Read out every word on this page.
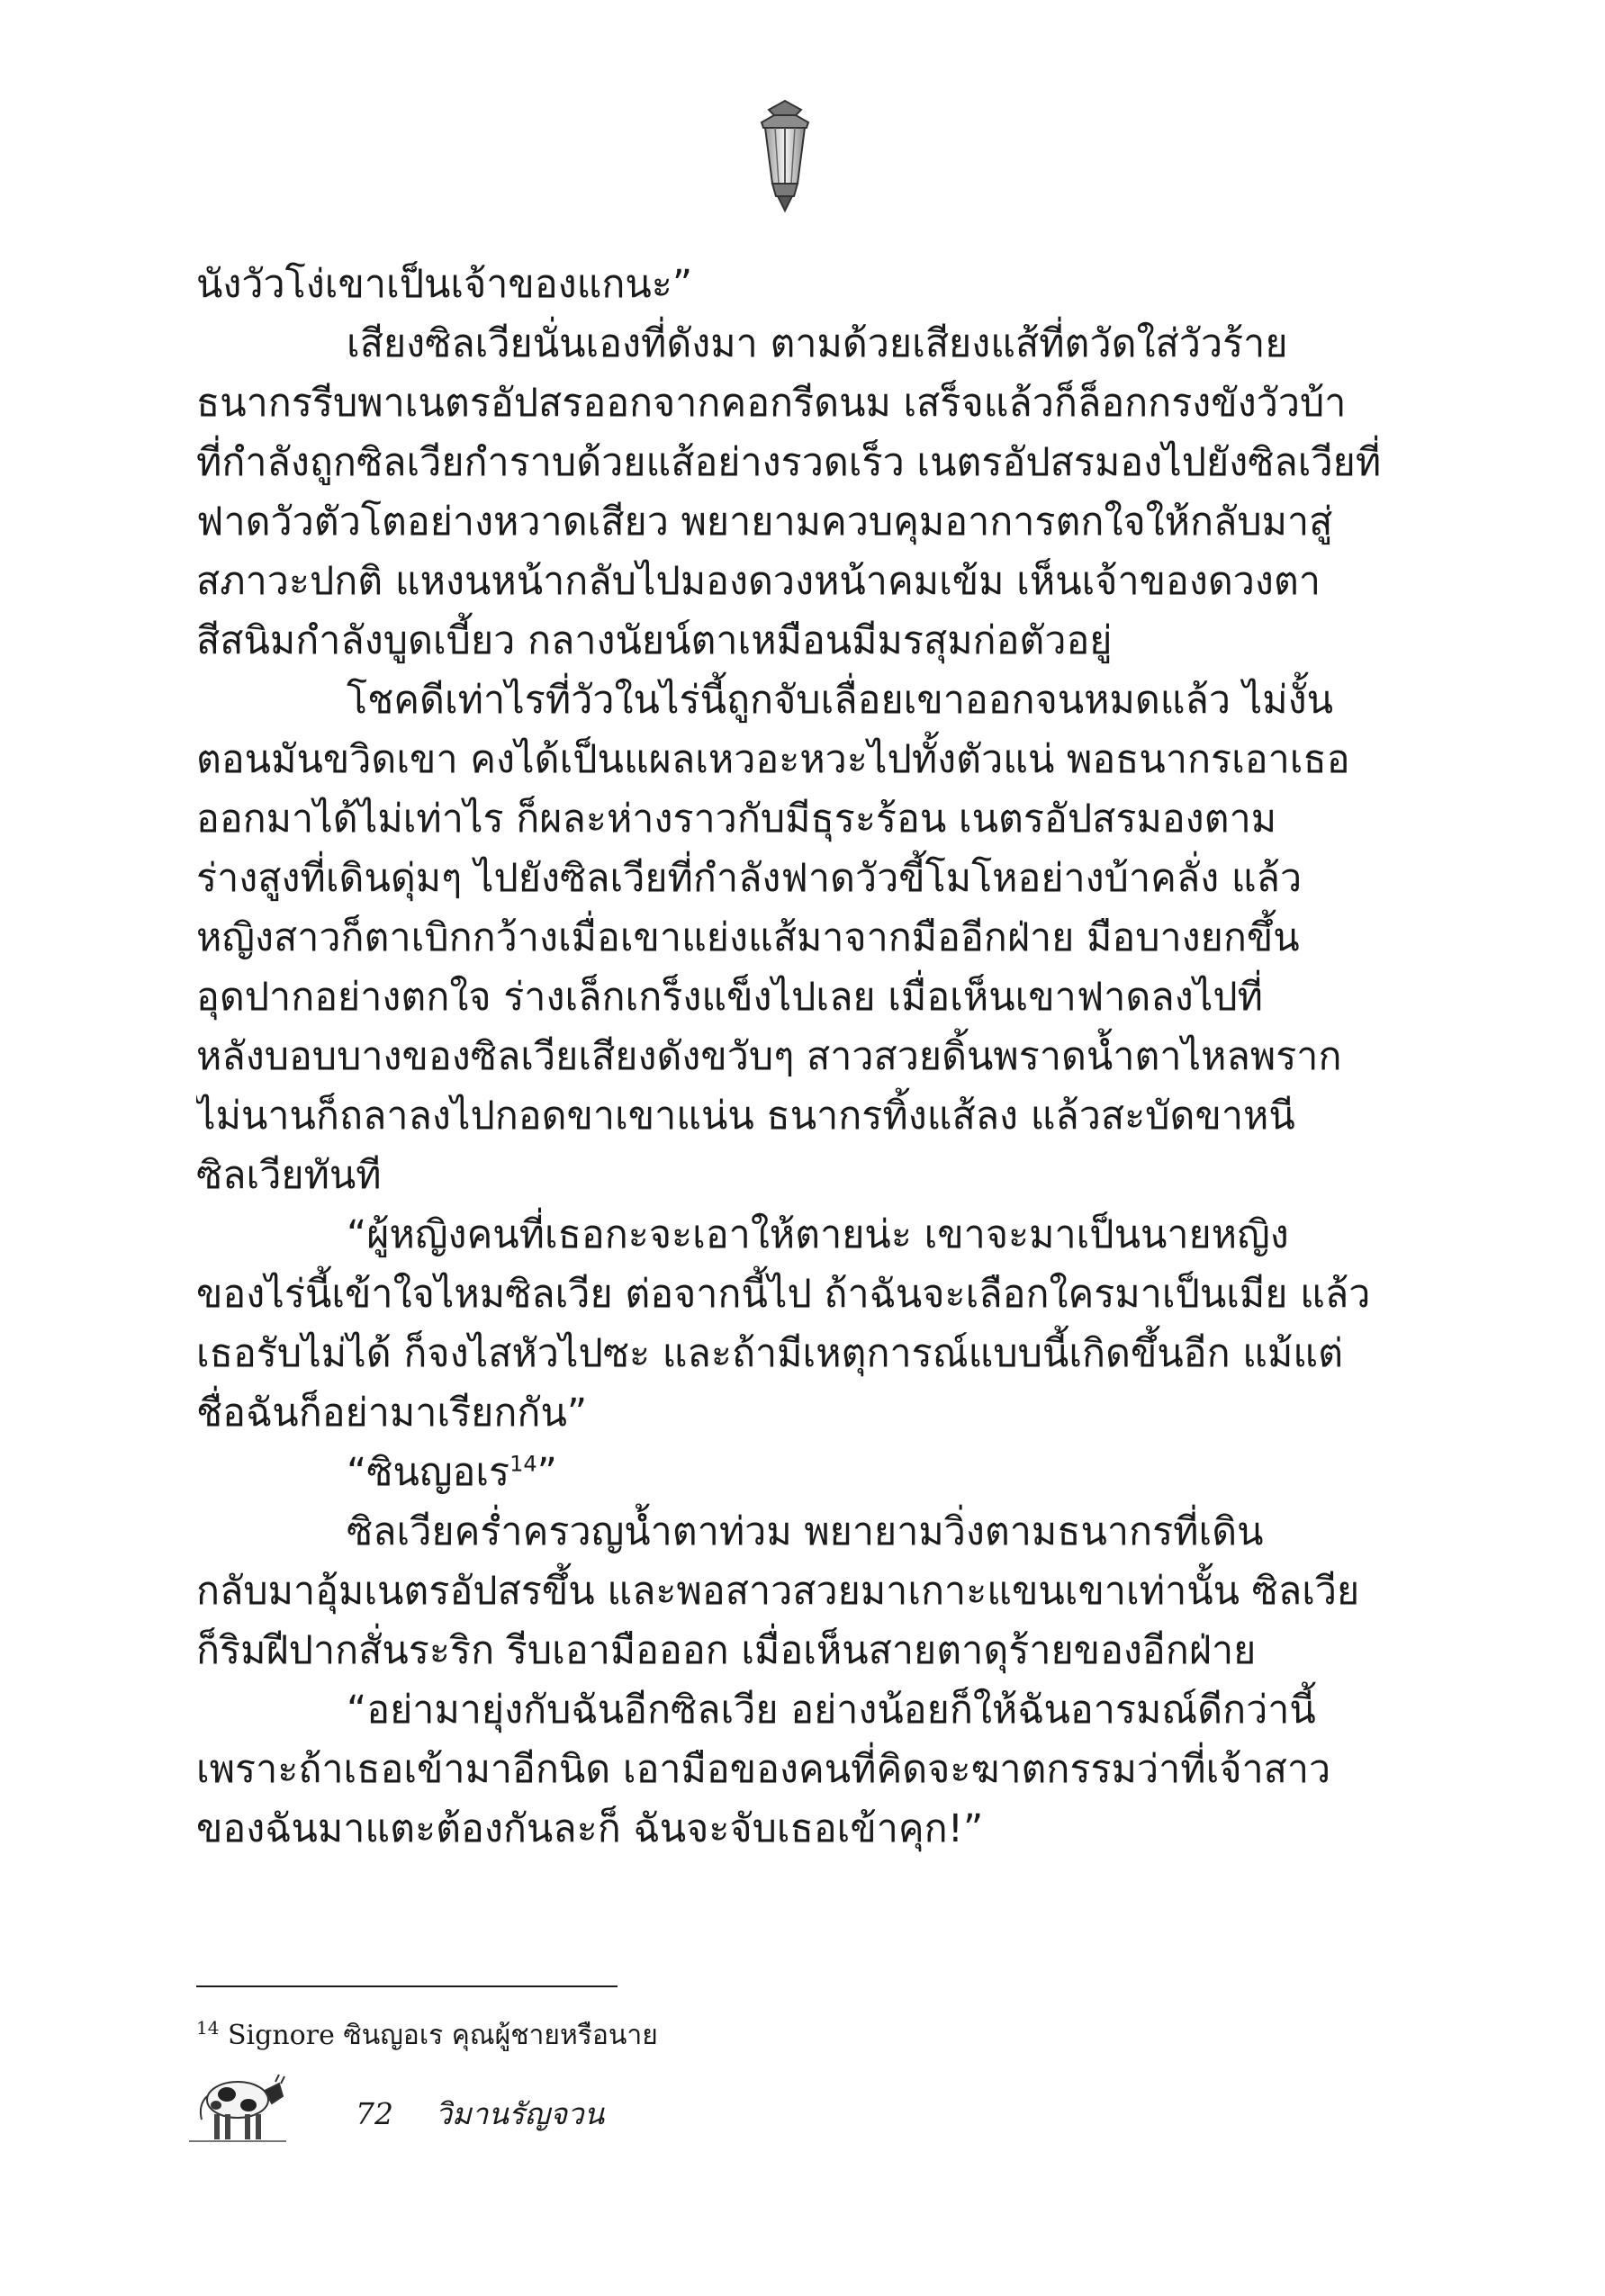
นังวัวโง่เขาเป็นเจ้าของแกนะ”
เสียงซิลเวียนั่นเองที่ดังมา ตามด้วยเสียงแส้ที่ตวัดใส่วัวร้าย
ธนากรรีบพาเนตรอัปสรออกจากคอกรีดนม เสร็จแล้วก็ล็อกกรงขังวัวบ้า
ที่กำลังถูกซิลเวียกำราบด้วยแส้อย่างรวดเร็ว เนตรอัปสรมองไปยังซิลเวียที่
ฟาดวัวตัวโตอย่างหวาดเสียว พยายามควบคุมอาการตกใจให้กลับมาสู่
สภาวะปกติ แหงนหน้ากลับไปมองดวงหน้าคมเข้ม เห็นเจ้าของดวงตา
สีสนิมกำลังบูดเบี้ยว กลางนัยน์ตาเหมือนมีมรสุมก่อตัวอยู่
โชคดีเท่าไรที่วัวในไร่นี้ถูกจับเลื่อยเขาออกจนหมดแล้ว ไม่งั้น
ตอนมันขวิดเขา คงได้เป็นแผลเหวอะหวะไปทั้งตัวแน่ พอธนากรเอาเธอ
ออกมาได้ไม่เท่าไร ก็ผละห่างราวกับมีธุระร้อน เนตรอัปสรมองตาม
ร่างสูงที่เดินดุ่มๆ ไปยังซิลเวียที่กำลังฟาดวัวขี้โมโหอย่างบ้าคลั่ง แล้ว
หญิงสาวก็ตาเบิกกว้างเมื่อเขาแย่งแส้มาจากมืออีกฝ่าย มือบางยกขึ้น
อุดปากอย่างตกใจ ร่างเล็กเกร็งแข็งไปเลย เมื่อเห็นเขาฟาดลงไปที่
หลังบอบบางของซิลเวียเสียงดังขวับๆ สาวสวยดิ้นพราดน้ำตาไหลพราก
ไม่นานก็ถลาลงไปกอดขาเขาแน่น ธนากรทิ้งแส้ลง แล้วสะบัดขาหนี
ซิลเวียทันที
“ผู้หญิงคนที่เธอกะจะเอาให้ตายน่ะ เขาจะมาเป็นนายหญิง
ของไร่นี้เข้าใจไหมซิลเวีย ต่อจากนี้ไป ถ้าฉันจะเลือกใครมาเป็นเมีย แล้ว
เธอรับไม่ได้ ก็จงไสหัวไปซะ และถ้ามีเหตุการณ์แบบนี้เกิดขึ้นอีก แม้แต่
ชื่อฉันก็อย่ามาเรียกกัน”
“ซินญอเร$^{14}$”
ซิลเวียคร่ำครวญน้ำตาท่วม พยายามวิ่งตามธนากรที่เดิน
กลับมาอุ้มเนตรอัปสรขึ้น และพอสาวสวยมาเกาะแขนเขาเท่านั้น ซิลเวีย
ก็ริมฝีปากสั่นระริก รีบเอามือออก เมื่อเห็นสายตาดุร้ายของอีกฝ่าย
“อย่ามายุ่งกับฉันอีกซิลเวีย อย่างน้อยก็ให้ฉันอารมณ์ดีกว่านี้
เพราะถ้าเธอเข้ามาอีกนิด เอามือของคนที่คิดจะฆาตกรรมว่าที่เจ้าสาว
ของฉันมาแตะต้องกันละก็ ฉันจะจับเธอเข้าคุก!”
$^{14}$ Signore ซินญอเร คุณผู้ชายหรือนาย
72 วิมานรัญจวน
